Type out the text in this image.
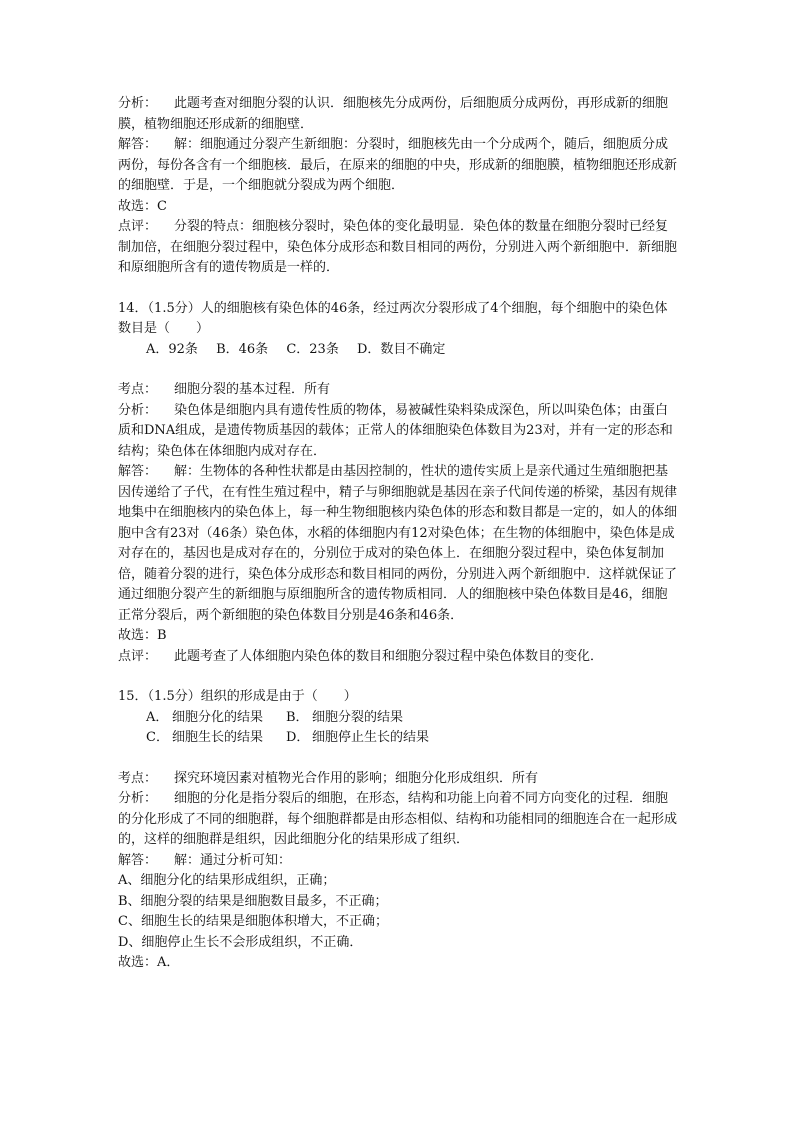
分析： 此题考查对细胞分裂的认识．细胞核先分成两份，后细胞质分成两份，再形成新的细胞膜，植物细胞还形成新的细胞壁．

解答： 解：细胞通过分裂产生新细胞：分裂时，细胞核先由一个分成两个，随后，细胞质分成两份，每份各含有一个细胞核．最后，在原来的细胞的中央，形成新的细胞膜，植物细胞还形成新的细胞壁．于是，一个细胞就分裂成为两个细胞．

故选：C

点评： 分裂的特点：细胞核分裂时，染色体的变化最明显．染色体的数量在细胞分裂时已经复制加倍，在细胞分裂过程中，染色体分成形态和数目相同的两份，分别进入两个新细胞中．新细胞和原细胞所含有的遗传物质是一样的．

14．（1.5分）人的细胞核有染色体的46条，经过两次分裂形成了4个细胞，每个细胞中的染色体数目是（　　）

A．92条 B．46条 C．23条 D．数目不确定

考点： 细胞分裂的基本过程．所有

分析： 染色体是细胞内具有遗传性质的物体，易被碱性染料染成深色，所以叫染色体；由蛋白质和DNA组成，是遗传物质基因的载体；正常人的体细胞染色体数目为23对，并有一定的形态和结构；染色体在体细胞内成对存在．

解答： 解：生物体的各种性状都是由基因控制的，性状的遗传实质上是亲代通过生殖细胞把基因传递给了子代，在有性生殖过程中，精子与卵细胞就是基因在亲子代间传递的桥梁，基因有规律地集中在细胞核内的染色体上，每一种生物细胞核内染色体的形态和数目都是一定的，如人的体细胞中含有23对（46条）染色体，水稻的体细胞内有12对染色体；在生物的体细胞中，染色体是成对存在的，基因也是成对存在的，分别位于成对的染色体上．在细胞分裂过程中，染色体复制加倍，随着分裂的进行，染色体分成形态和数目相同的两份，分别进入两个新细胞中．这样就保证了通过细胞分裂产生的新细胞与原细胞所含的遗传物质相同．人的细胞核中染色体数目是46，细胞正常分裂后，两个新细胞的染色体数目分别是46条和46条．

故选：B

点评： 此题考查了人体细胞内染色体的数目和细胞分裂过程中染色体数目的变化．

15．（1.5分）组织的形成是由于（　　）

A． 细胞分化的结果 B． 细胞分裂的结果
C． 细胞生长的结果 D． 细胞停止生长的结果

考点： 探究环境因素对植物光合作用的影响；细胞分化形成组织．所有

分析： 细胞的分化是指分裂后的细胞，在形态，结构和功能上向着不同方向变化的过程．细胞的分化形成了不同的细胞群，每个细胞群都是由形态相似、结构和功能相同的细胞连合在一起形成的，这样的细胞群是组织，因此细胞分化的结果形成了组织．

解答： 解：通过分析可知：

A、细胞分化的结果形成组织，正确；

B、细胞分裂的结果是细胞数目最多，不正确；

C、细胞生长的结果是细胞体积增大，不正确；

D、细胞停止生长不会形成组织，不正确．

故选：A．
